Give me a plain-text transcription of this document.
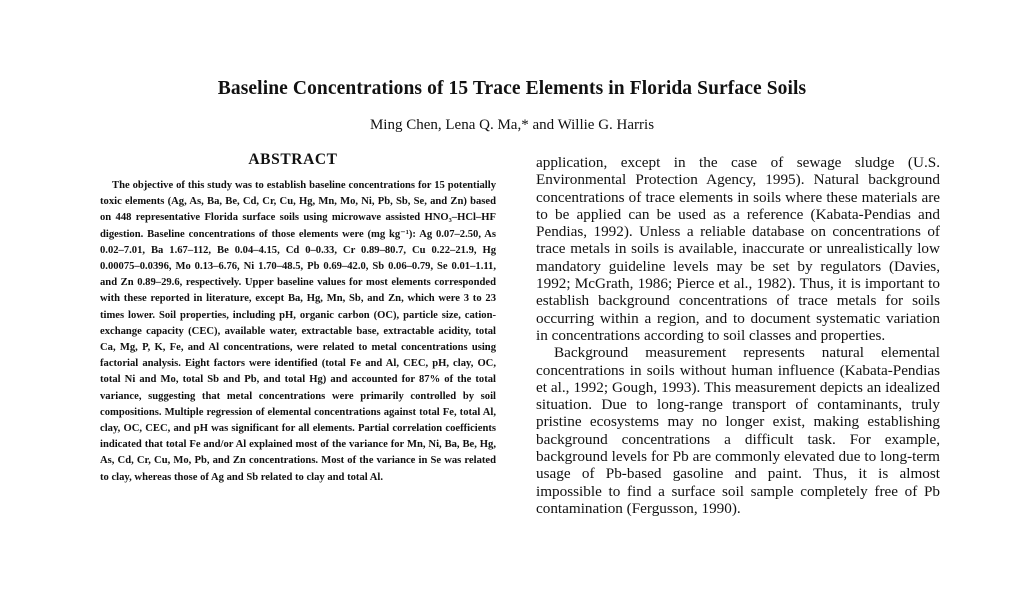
Baseline Concentrations of 15 Trace Elements in Florida Surface Soils
Ming Chen, Lena Q. Ma,* and Willie G. Harris
ABSTRACT

The objective of this study was to establish baseline concentrations for 15 potentially toxic elements (Ag, As, Ba, Be, Cd, Cr, Cu, Hg, Mn, Mo, Ni, Pb, Sb, Se, and Zn) based on 448 representative Florida surface soils using microwave assisted HNO₃–HCl–HF digestion. Baseline concentrations of those elements were (mg kg⁻¹): Ag 0.07–2.50, As 0.02–7.01, Ba 1.67–112, Be 0.04–4.15, Cd 0–0.33, Cr 0.89–80.7, Cu 0.22–21.9, Hg 0.00075–0.0396, Mo 0.13–6.76, Ni 1.70–48.5, Pb 0.69–42.0, Sb 0.06–0.79, Se 0.01–1.11, and Zn 0.89–29.6, respectively. Upper baseline values for most elements corresponded with these reported in literature, except Ba, Hg, Mn, Sb, and Zn, which were 3 to 23 times lower. Soil properties, including pH, organic carbon (OC), particle size, cation-exchange capacity (CEC), available water, extractable base, extractable acidity, total Ca, Mg, P, K, Fe, and Al concentrations, were related to metal concentrations using factorial analysis. Eight factors were identified (total Fe and Al, CEC, pH, clay, OC, total Ni and Mo, total Sb and Pb, and total Hg) and accounted for 87% of the total variance, suggesting that metal concentrations were primarily controlled by soil compositions. Multiple regression of elemental concentrations against total Fe, total Al, clay, OC, CEC, and pH was significant for all elements. Partial correlation coefficients indicated that total Fe and/or Al explained most of the variance for Mn, Ni, Ba, Be, Hg, As, Cd, Cr, Cu, Mo, Pb, and Zn concentrations. Most of the variance in Se was related to clay, whereas those of Ag and Sb related to clay and total Al.

application, except in the case of sewage sludge (U.S. Environmental Protection Agency, 1995). Natural background concentrations of trace elements in soils where these materials are to be applied can be used as a reference (Kabata-Pendias and Pendias, 1992). Unless a reliable database on concentrations of trace metals in soils is available, inaccurate or unrealistically low mandatory guideline levels may be set by regulators (Davies, 1992; McGrath, 1986; Pierce et al., 1982). Thus, it is important to establish background concentrations of trace metals for soils occurring within a region, and to document systematic variation in concentrations according to soil classes and properties.

Background measurement represents natural elemental concentrations in soils without human influence (Kabata-Pendias et al., 1992; Gough, 1993). This measurement depicts an idealized situation. Due to long-range transport of contaminants, truly pristine ecosystems may no longer exist, making establishing background concentrations a difficult task. For example, background levels for Pb are commonly elevated due to long-term usage of Pb-based gasoline and paint. Thus, it is almost impossible to find a surface soil sample completely free of Pb contamination (Fergusson, 1990).
